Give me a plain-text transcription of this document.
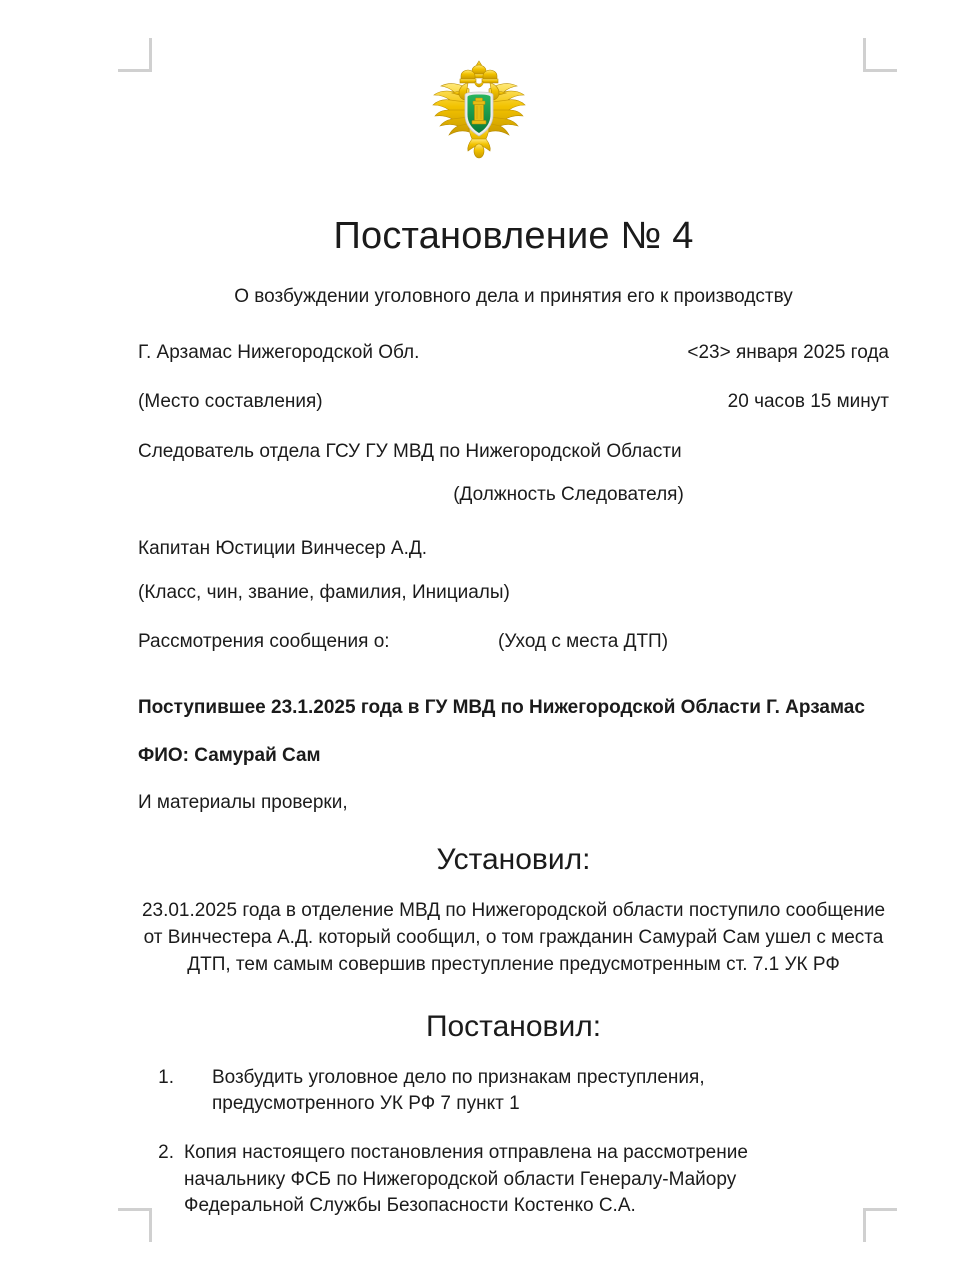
Постановление № 4
О возбуждении уголовного дела и принятия его к производству
Г. Арзамас Нижегородской Обл.	<23> января 2025 года
(Место составления)	20 часов 15 минут
Следователь отдела ГСУ ГУ МВД по Нижегородской Области
(Должность Следователя)
Капитан Юстиции Винчесер А.Д.
(Класс, чин, звание, фамилия, Инициалы)
Рассмотрения сообщения о:	(Уход с места ДТП)
Поступившее 23.1.2025 года в ГУ МВД по Нижегородской Области Г. Арзамас
ФИО: Самурай Сам
И материалы проверки,
Установил:

23.01.2025 года в отделение МВД по Нижегородской области поступило сообщение от Винчестера А.Д. который сообщил, о том гражданин Самурай Сам ушел с места ДТП, тем самым совершив преступление предусмотренным ст. 7.1 УК РФ

Постановил:
1.	Возбудить уголовное дело по признакам преступления, предусмотренного УК РФ 7 пункт 1
2. Копия настоящего постановления отправлена на рассмотрение начальнику ФСБ по Нижегородской области Генералу-Майору Федеральной Службы Безопасности Костенко С.А.
